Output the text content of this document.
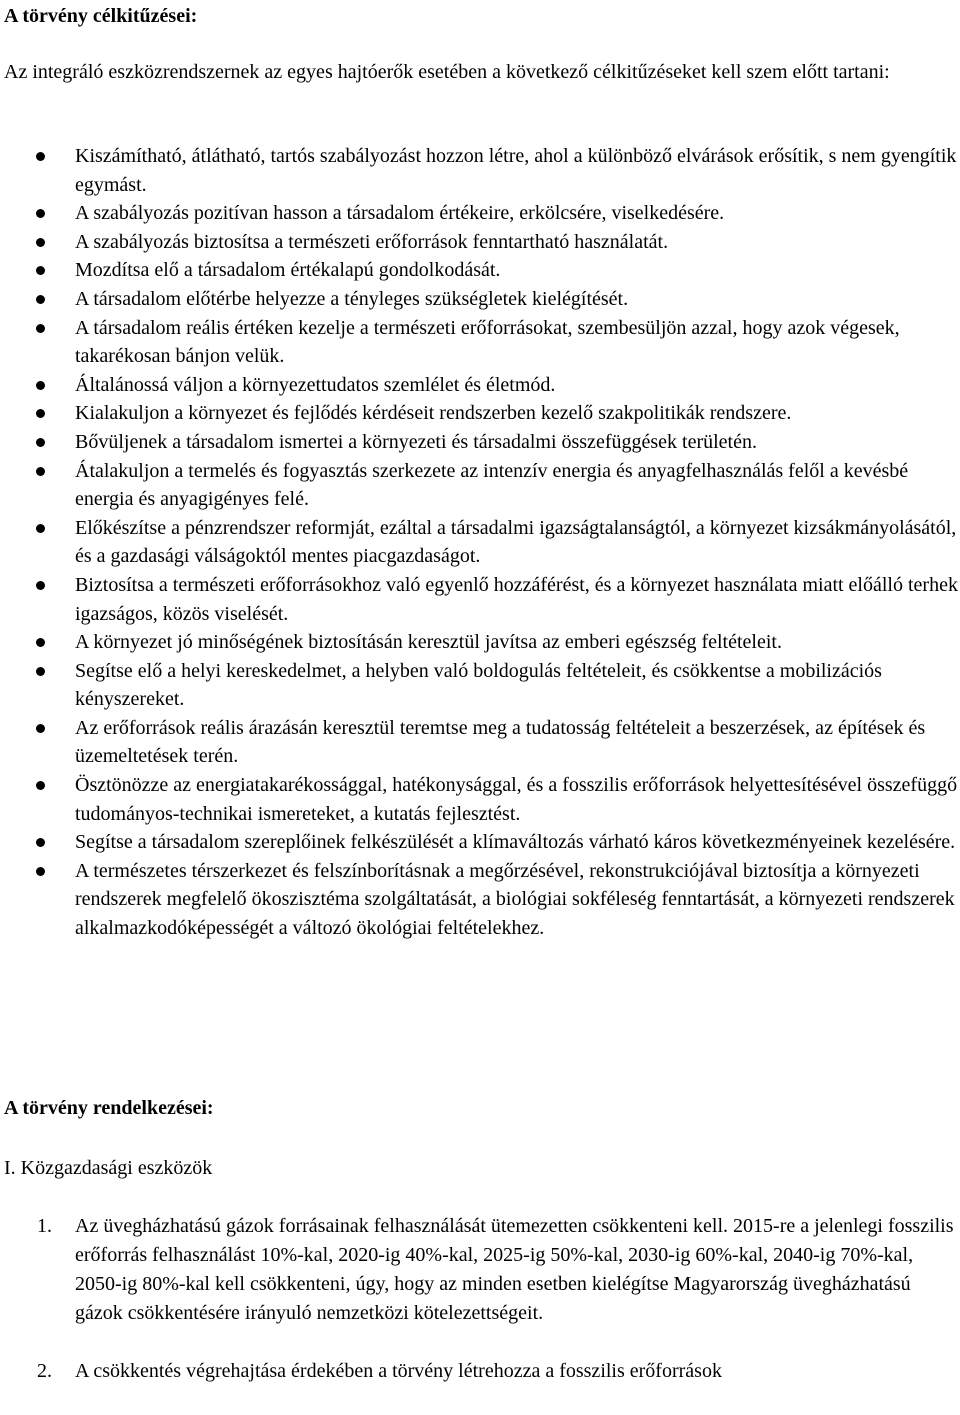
A törvény célkitűzései:

Az integráló eszközrendszernek az egyes hajtóerők esetében a következő célkitűzéseket kell szem előtt tartani:

Kiszámítható, átlátható, tartós szabályozást hozzon létre, ahol a különböző elvárások erősítik, s nem gyengítik egymást.
A szabályozás pozitívan hasson a társadalom értékeire, erkölcsére, viselkedésére.
A szabályozás biztosítsa a természeti erőforrások fenntartható használatát.
Mozdítsa elő a társadalom értékalapú gondolkodását.
A társadalom előtérbe helyezze a tényleges szükségletek kielégítését.
A társadalom reális értéken kezelje a természeti erőforrásokat, szembesüljön azzal, hogy azok végesek, takarékosan bánjon velük.
Általánossá váljon a környezettudatos szemlélet és életmód.
Kialakuljon a környezet és fejlődés kérdéseit rendszerben kezelő szakpolitikák rendszere.
Bővüljenek a társadalom ismertei a környezeti és társadalmi összefüggések területén.
Átalakuljon a termelés és fogyasztás szerkezete az intenzív energia és anyagfelhasználás felől a kevésbé energia és anyagigényes felé.
Előkészítse a pénzrendszer reformját, ezáltal a társadalmi igazságtalanságtól, a környezet kizsákmányolásától, és a gazdasági válságoktól mentes piacgazdaságot.
Biztosítsa a természeti erőforrásokhoz való egyenlő hozzáférést, és a környezet használata miatt előálló terhek igazságos, közös viselését.
A környezet jó minőségének biztosításán keresztül javítsa az emberi egészség feltételeit.
Segítse elő a helyi kereskedelmet, a helyben való boldogulás feltételeit, és csökkentse a mobilizációs kényszereket.
Az erőforrások reális árazásán keresztül teremtse meg a tudatosság feltételeit a beszerzések, az építések és üzemeltetések terén.
Ösztönözze az energiatakarékossággal, hatékonysággal, és a fosszilis erőforrások helyettesítésével összefüggő tudományos-technikai ismereteket, a kutatás fejlesztést.
Segítse a társadalom szereplőinek felkészülését a klímaváltozás várható káros következményeinek kezelésére.
A természetes térszerkezet és felszínborításnak a megőrzésével, rekonstrukciójával biztosítja a környezeti rendszerek megfelelő ökoszisztéma szolgáltatását, a biológiai sokféleség fenntartását, a környezeti rendszerek alkalmazkodóképességét a változó ökológiai feltételekhez.
A törvény rendelkezései:

I. Közgazdasági eszközök

1. Az üvegházhatású gázok forrásainak felhasználását ütemezetten csökkenteni kell. 2015-re a jelenlegi fosszilis erőforrás felhasználást 10%-kal, 2020-ig 40%-kal, 2025-ig 50%-kal, 2030-ig 60%-kal, 2040-ig 70%-kal, 2050-ig 80%-kal kell csökkenteni, úgy, hogy az minden esetben kielégítse Magyarország üvegházhatású gázok csökkentésére irányuló nemzetközi kötelezettségeit.
2. A csökkentés végrehajtása érdekében a törvény létrehozza a fosszilis erőforrások
